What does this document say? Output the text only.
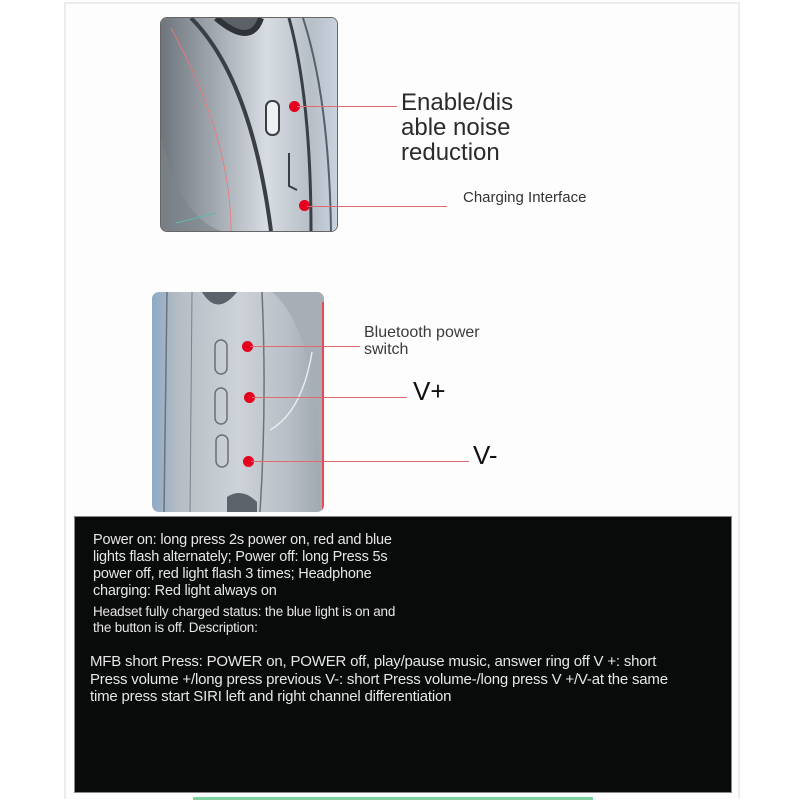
Enable/dis
able noise
reduction
Charging Interface
Bluetooth power
switch
V+
V-
Power on: long press 2s power on, red and blue lights flash alternately; Power off: long Press 5s power off, red light flash 3 times; Headphone charging: Red light always on
Headset fully charged status: the blue light is on and the button is off. Description:
MFB short Press: POWER on, POWER off, play/pause music, answer ring off V +: short Press volume +/long press previous V-: short Press volume-/long press V +/V-at the same time press start SIRI left and right channel differentiation
